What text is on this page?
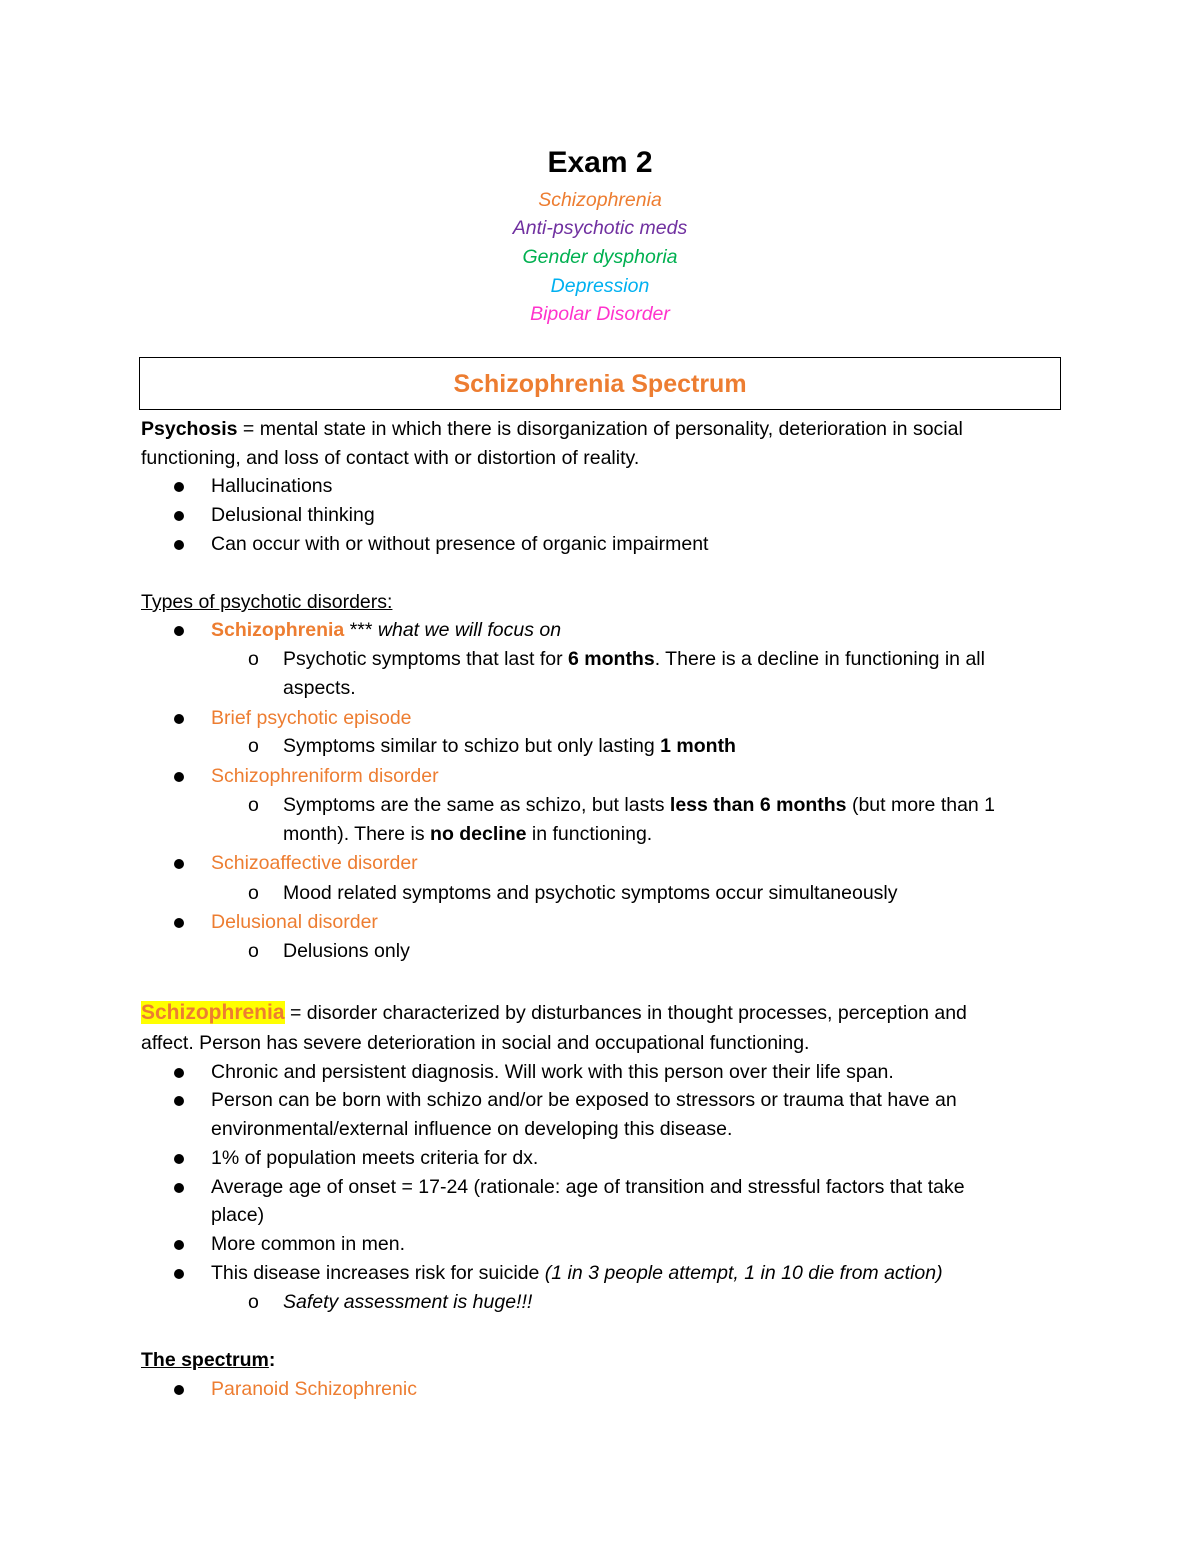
Exam 2
Schizophrenia
Anti-psychotic meds
Gender dysphoria
Depression
Bipolar Disorder
Schizophrenia Spectrum
Psychosis = mental state in which there is disorganization of personality, deterioration in social
functioning, and loss of contact with or distortion of reality.
Hallucinations
Delusional thinking
Can occur with or without presence of organic impairment
Types of psychotic disorders:
Schizophrenia *** what we will focus on
o Psychotic symptoms that last for 6 months. There is a decline in functioning in all
aspects.
Brief psychotic episode
o Symptoms similar to schizo but only lasting 1 month
Schizophreniform disorder
o Symptoms are the same as schizo, but lasts less than 6 months (but more than 1
month). There is no decline in functioning.
Schizoaffective disorder
o Mood related symptoms and psychotic symptoms occur simultaneously
Delusional disorder
o Delusions only
Schizophrenia = disorder characterized by disturbances in thought processes, perception and
affect. Person has severe deterioration in social and occupational functioning.
Chronic and persistent diagnosis. Will work with this person over their life span.
Person can be born with schizo and/or be exposed to stressors or trauma that have an
environmental/external influence on developing this disease.
1% of population meets criteria for dx.
Average age of onset = 17-24 (rationale: age of transition and stressful factors that take
place)
More common in men.
This disease increases risk for suicide (1 in 3 people attempt, 1 in 10 die from action)
o Safety assessment is huge!!!
The spectrum:
Paranoid Schizophrenic
